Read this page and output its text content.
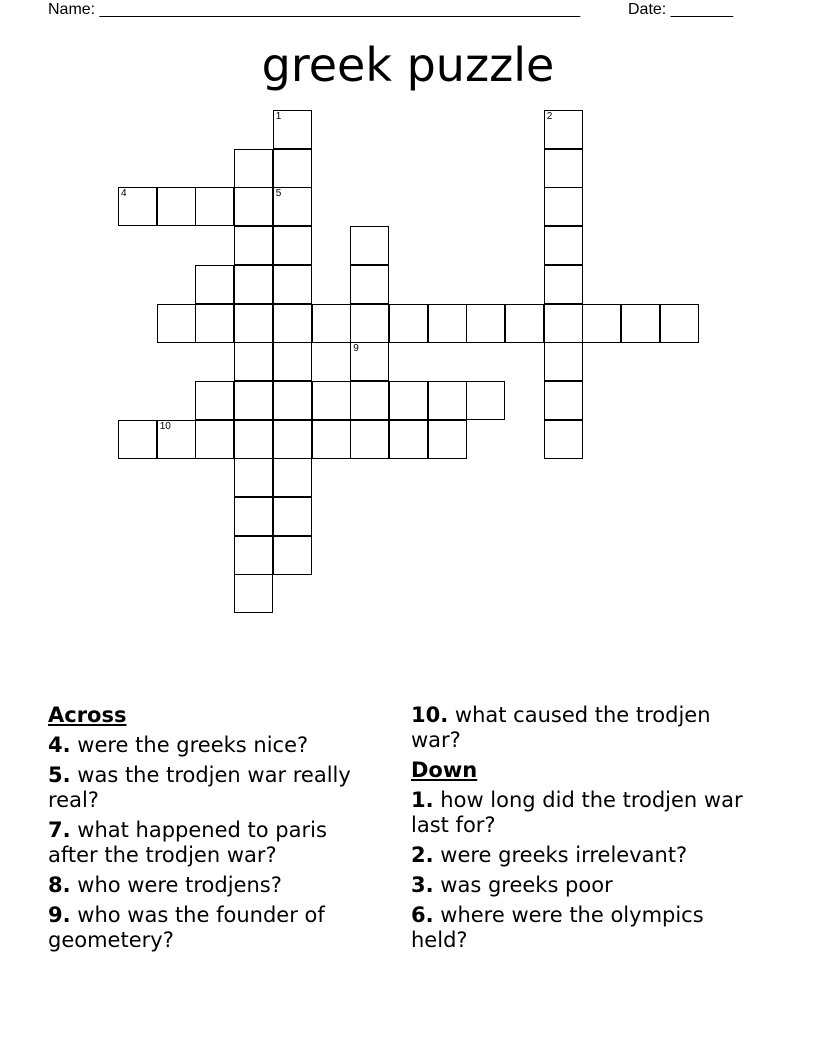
Name: ______________________________________________________	Date: _______
greek puzzle
1
5
9
2
4
10
Across
4. were the greeks nice?
5. was the trodjen war really real?
7. what happened to paris after the trodjen war?
8. who were trodjens?
9. who was the founder of geometery?
10. what caused the trodjen war?
Down
1. how long did the trodjen war last for?
2. were greeks irrelevant?
3. was greeks poor
6. where were the olympics held?
